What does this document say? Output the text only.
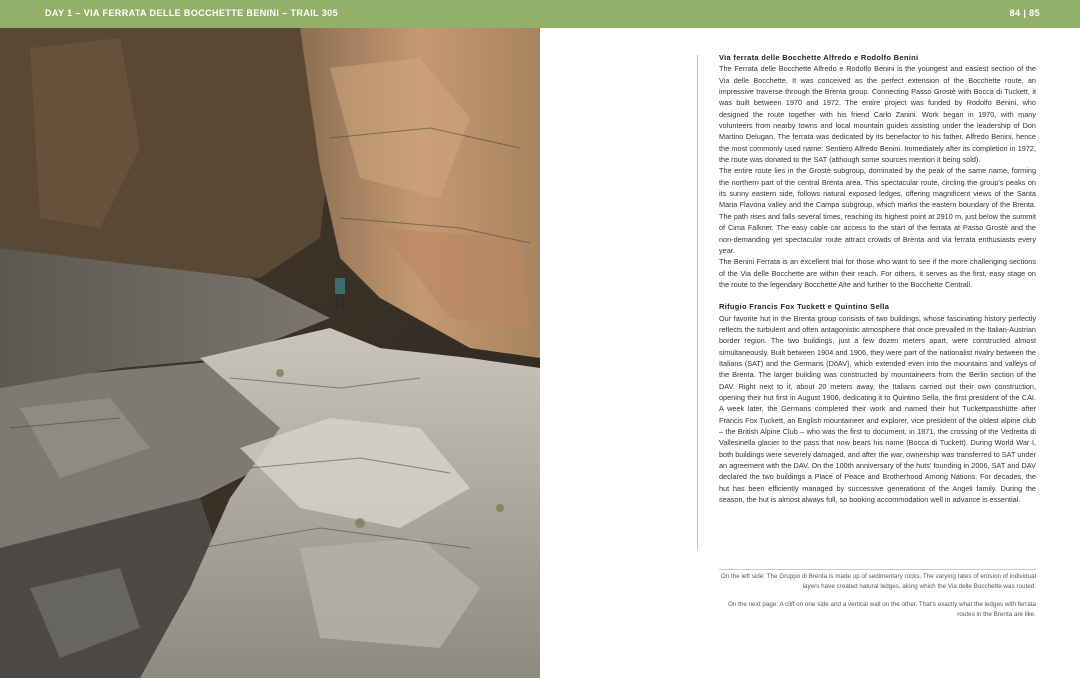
DAY 1 – VIA FERRATA DELLE BOCCHETTE BENINI – TRAIL 305	84 | 85
Via ferrata delle Bocchette Alfredo e Rodolfo Benini

The Ferrata delle Bocchette Alfredo e Rodolfo Benini is the youngest and easiest section of the Via delle Bocchette. It was conceived as the perfect extension of the Bocchette route, an impressive traverse through the Brenta group. Connecting Passo Grostè with Bocca di Tuckett, it was built between 1970 and 1972. The entire project was funded by Rodolfo Benini, who designed the route together with his friend Carlo Zanini. Work began in 1970, with many volunteers from nearby towns and local mountain guides assisting under the leadership of Don Martino Delugan. The ferrata was dedicated by its benefactor to his father, Alfredo Benini, hence the most commonly used name: Sentiero Alfredo Benini. Immediately after its completion in 1972, the route was donated to the SAT (although some sources mention it being sold).

The entire route lies in the Grostè subgroup, dominated by the peak of the same name, forming the northern part of the central Brenta area. This spectacular route, circling the group's peaks on its sunny eastern side, follows natural exposed ledges, offering magnificent views of the Santa Maria Flavòna valley and the Campa subgroup, which marks the eastern boundary of the Brenta. The path rises and falls several times, reaching its highest point at 2910 m, just below the summit of Cima Falkner. The easy cable car access to the start of the ferrata at Passo Grostè and the non-demanding yet spectacular route attract crowds of Brenta and via ferrata enthusiasts every year.

The Benini Ferrata is an excellent trial for those who want to see if the more challenging sections of the Via delle Bocchette are within their reach. For others, it serves as the first, easy stage on the route to the legendary Bocchette Alte and further to the Bocchette Centrali.

Rifugio Francis Fox Tuckett e Quintino Sella

Our favorite hut in the Brenta group consists of two buildings, whose fascinating history perfectly reflects the turbulent and often antagonistic atmosphere that once prevailed in the Italian-Austrian border region. The two buildings, just a few dozen meters apart, were constructed almost simultaneously. Built between 1904 and 1906, they were part of the nationalist rivalry between the Italians (SAT) and the Germans (DöAV), which extended even into the mountains and valleys of the Brenta. The larger building was constructed by mountaineers from the Berlin section of the DAV. Right next to it, about 20 meters away, the Italians carried out their own construction, opening their hut first in August 1906, dedicating it to Quintino Sella, the first president of the CAI. A week later, the Germans completed their work and named their hut Tuckettpasshütte after Francis Fox Tuckett, an English mountaineer and explorer, vice president of the oldest alpine club – the British Alpine Club – who was the first to document, in 1871, the crossing of the Vedretta di Vallesinella glacier to the pass that now bears his name (Bocca di Tuckett). During World War I, both buildings were severely damaged, and after the war, ownership was transferred to SAT under an agreement with the DAV. On the 100th anniversary of the huts' founding in 2006, SAT and DAV declared the two buildings a Place of Peace and Brotherhood Among Nations. For decades, the hut has been efficiently managed by successive generations of the Angeli family. During the season, the hut is almost always full, so booking accommodation well in advance is essential.

On the left side: The Gruppo di Brenta is made up of sedimentary rocks. The varying rates of erosion of individual layers have created natural ledges, along which the Via delle Bocchette was routed.

On the next page: A cliff on one side and a vertical wall on the other. That's exactly what the ledges with ferrata routes in the Brenta are like.
